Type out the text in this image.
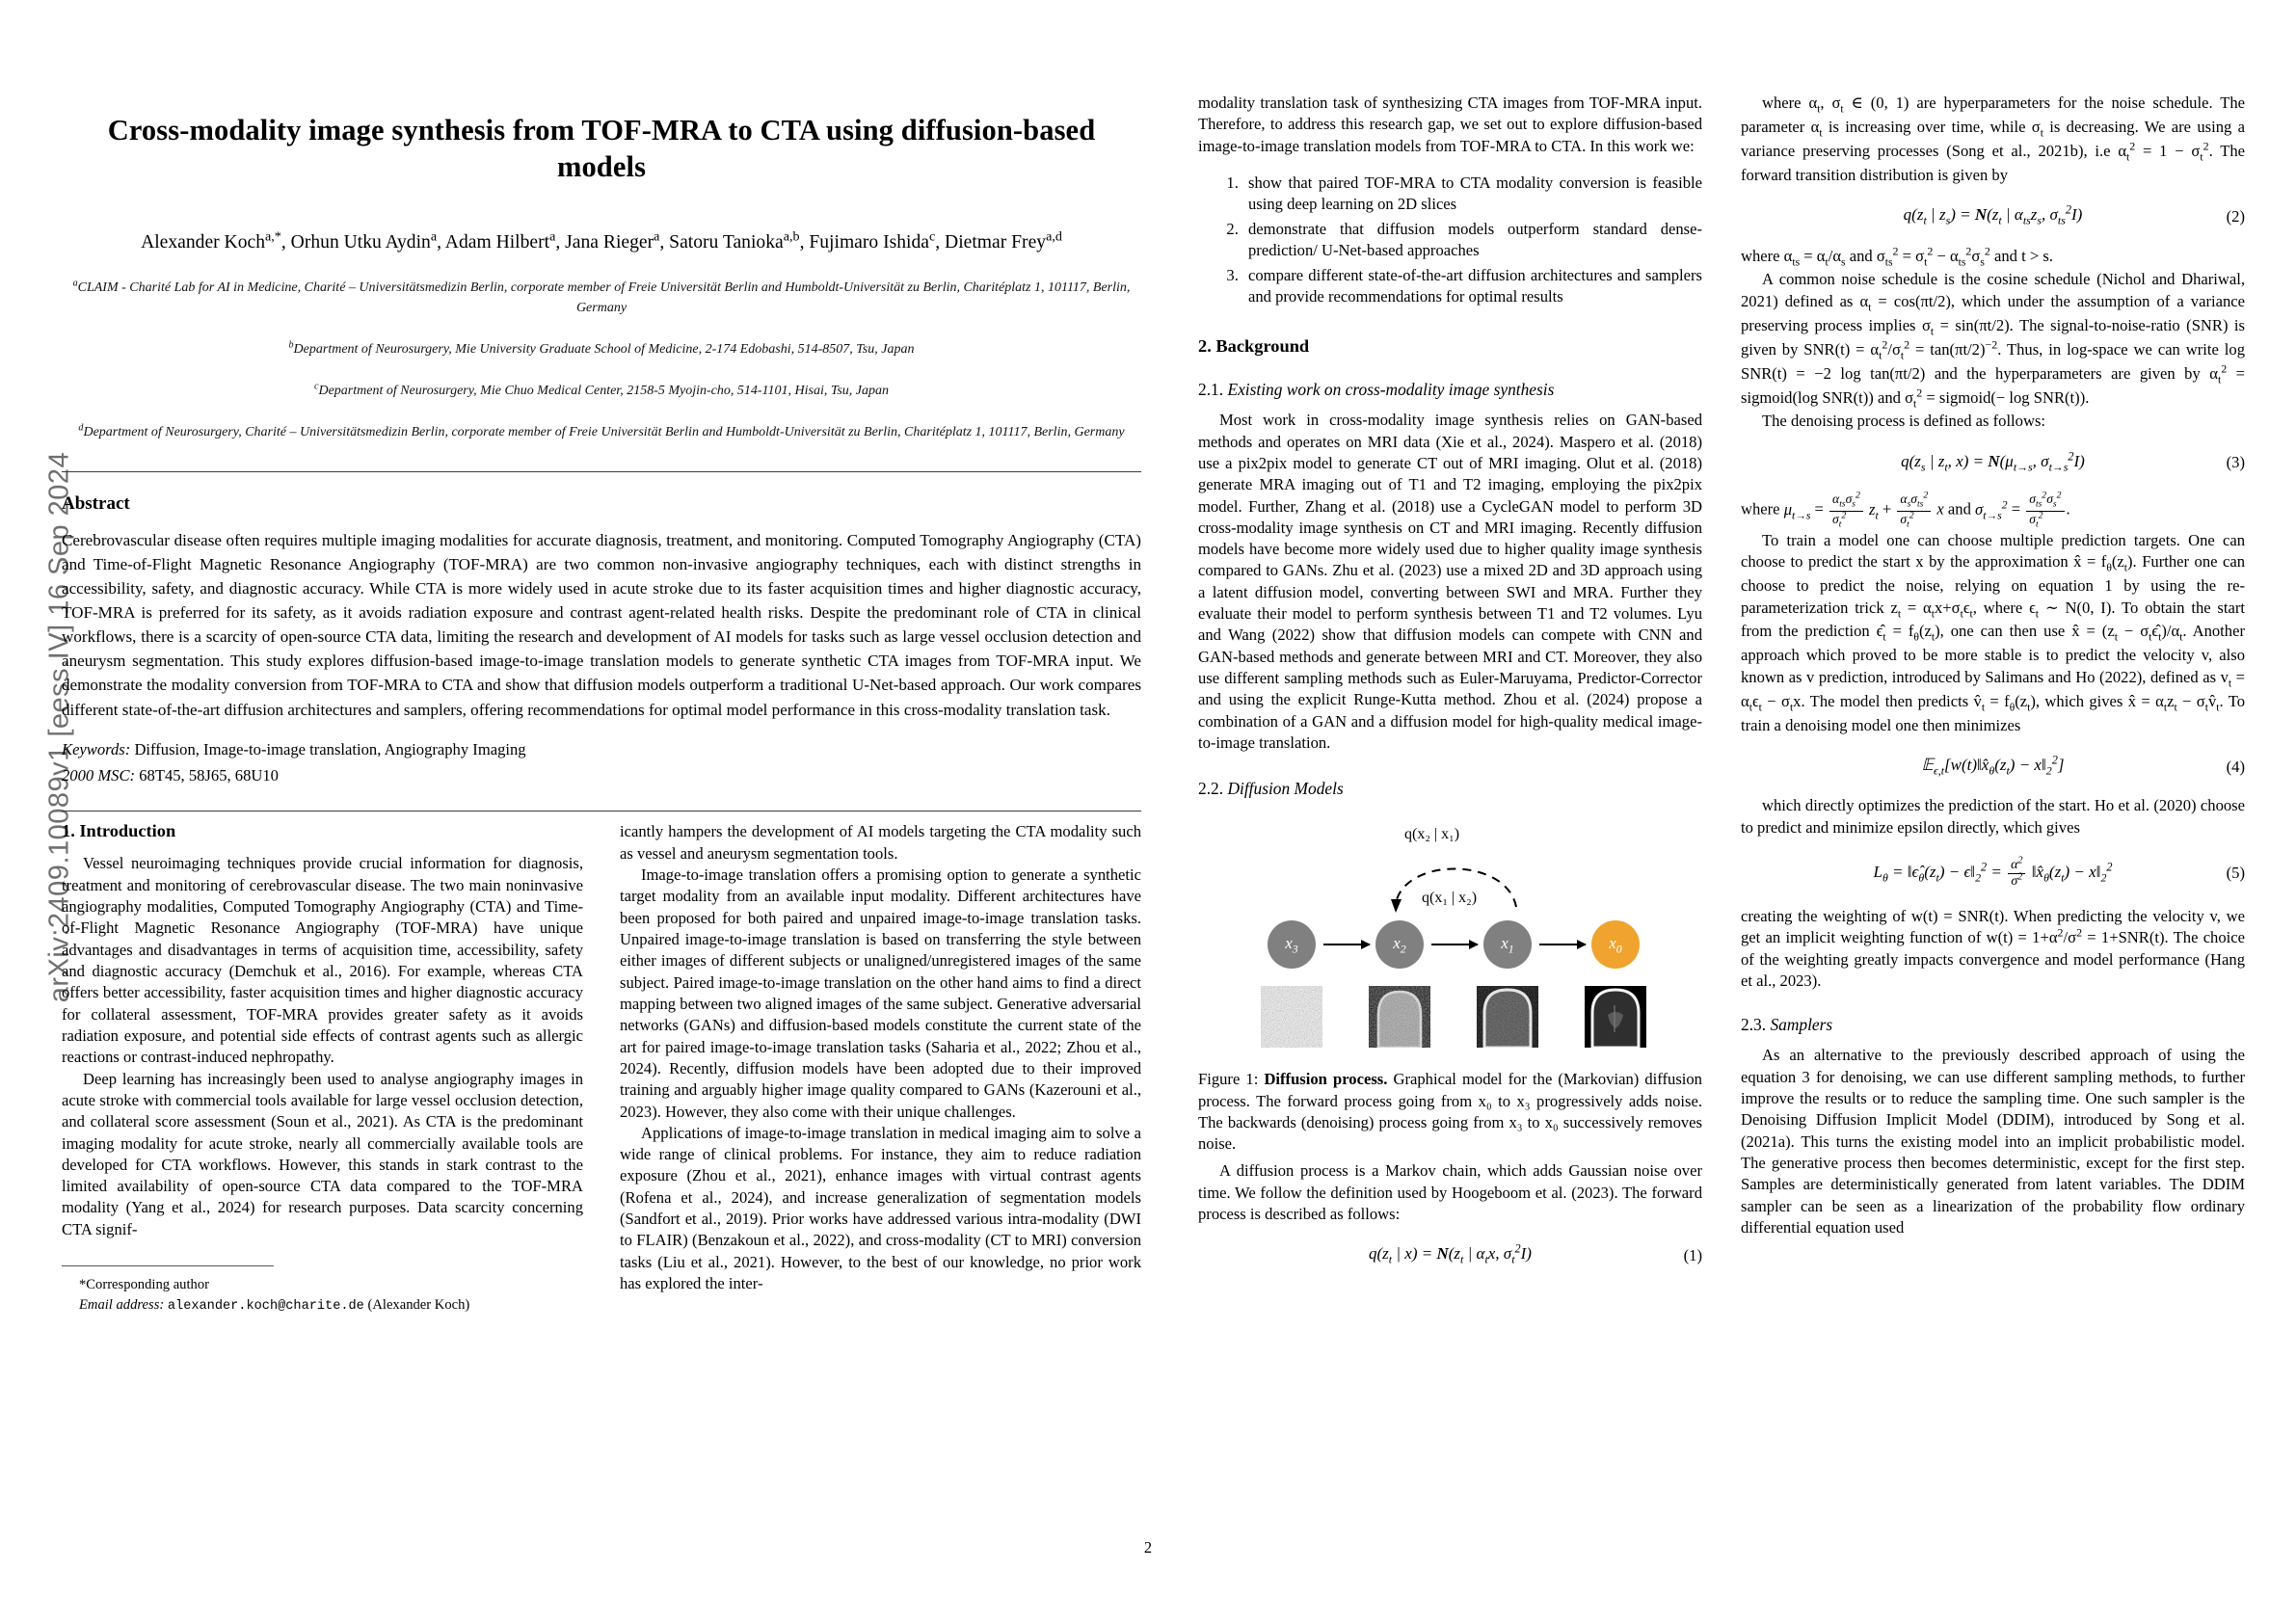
arXiv:2409.10089v1 [eess.IV] 16 Sep 2024
Cross-modality image synthesis from TOF-MRA to CTA using diffusion-based models
Alexander Koch$^{a,*}$, Orhun Utku Aydin$^a$, Adam Hilbert$^a$, Jana Rieger$^a$, Satoru Tanioka$^{a,b}$, Fujimaro Ishida$^c$, Dietmar Frey$^{a,d}$
$^a$CLAIM - Charité Lab for AI in Medicine, Charité – Universitätsmedizin Berlin, corporate member of Freie Universität Berlin and Humboldt-Universität zu Berlin, Charitéplatz 1, 101117, Berlin, Germany
$^b$Department of Neurosurgery, Mie University Graduate School of Medicine, 2-174 Edobashi, 514-8507, Tsu, Japan
$^c$Department of Neurosurgery, Mie Chuo Medical Center, 2158-5 Myojin-cho, 514-1101, Hisai, Tsu, Japan
$^d$Department of Neurosurgery, Charité – Universitätsmedizin Berlin, corporate member of Freie Universität Berlin and Humboldt-Universität zu Berlin, Charitéplatz 1, 101117, Berlin, Germany
Abstract
Cerebrovascular disease often requires multiple imaging modalities for accurate diagnosis, treatment, and monitoring. Computed Tomography Angiography (CTA) and Time-of-Flight Magnetic Resonance Angiography (TOF-MRA) are two common non-invasive angiography techniques, each with distinct strengths in accessibility, safety, and diagnostic accuracy. While CTA is more widely used in acute stroke due to its faster acquisition times and higher diagnostic accuracy, TOF-MRA is preferred for its safety, as it avoids radiation exposure and contrast agent-related health risks. Despite the predominant role of CTA in clinical workflows, there is a scarcity of open-source CTA data, limiting the research and development of AI models for tasks such as large vessel occlusion detection and aneurysm segmentation. This study explores diffusion-based image-to-image translation models to generate synthetic CTA images from TOF-MRA input. We demonstrate the modality conversion from TOF-MRA to CTA and show that diffusion models outperform a traditional U-Net-based approach. Our work compares different state-of-the-art diffusion architectures and samplers, offering recommendations for optimal model performance in this cross-modality translation task.
Keywords: Diffusion, Image-to-image translation, Angiography Imaging
2000 MSC: 68T45, 58J65, 68U10
1. Introduction

Vessel neuroimaging techniques provide crucial information for diagnosis, treatment and monitoring of cerebrovascular disease. The two main noninvasive angiography modalities, Computed Tomography Angiography (CTA) and Time-of-Flight Magnetic Resonance Angiography (TOF-MRA) have unique advantages and disadvantages in terms of acquisition time, accessibility, safety and diagnostic accuracy (Demchuk et al., 2016). For example, whereas CTA offers better accessibility, faster acquisition times and higher diagnostic accuracy for collateral assessment, TOF-MRA provides greater safety as it avoids radiation exposure, and potential side effects of contrast agents such as allergic reactions or contrast-induced nephropathy.

Deep learning has increasingly been used to analyse angiography images in acute stroke with commercial tools available for large vessel occlusion detection, and collateral score assessment (Soun et al., 2021). As CTA is the predominant imaging modality for acute stroke, nearly all commercially available tools are developed for CTA workflows. However, this stands in stark contrast to the limited availability of open-source CTA data compared to the TOF-MRA modality (Yang et al., 2024) for research purposes. Data scarcity concerning CTA signif-

*Corresponding author
Email address: alexander.koch@charite.de (Alexander Koch)

icantly hampers the development of AI models targeting the CTA modality such as vessel and aneurysm segmentation tools.

Image-to-image translation offers a promising option to generate a synthetic target modality from an available input modality. Different architectures have been proposed for both paired and unpaired image-to-image translation tasks. Unpaired image-to-image translation is based on transferring the style between either images of different subjects or unaligned/unregistered images of the same subject. Paired image-to-image translation on the other hand aims to find a direct mapping between two aligned images of the same subject. Generative adversarial networks (GANs) and diffusion-based models constitute the current state of the art for paired image-to-image translation tasks (Saharia et al., 2022; Zhou et al., 2024). Recently, diffusion models have been adopted due to their improved training and arguably higher image quality compared to GANs (Kazerouni et al., 2023). However, they also come with their unique challenges.

Applications of image-to-image translation in medical imaging aim to solve a wide range of clinical problems. For instance, they aim to reduce radiation exposure (Zhou et al., 2021), enhance images with virtual contrast agents (Rofena et al., 2024), and increase generalization of segmentation models (Sandfort et al., 2019). Prior works have addressed various intra-modality (DWI to FLAIR) (Benzakoun et al., 2022), and cross-modality (CT to MRI) conversion tasks (Liu et al., 2021). However, to the best of our knowledge, no prior work has explored the inter-

modality translation task of synthesizing CTA images from TOF-MRA input. Therefore, to address this research gap, we set out to explore diffusion-based image-to-image translation models from TOF-MRA to CTA. In this work we:

1. show that paired TOF-MRA to CTA modality conversion is feasible using deep learning on 2D slices
2. demonstrate that diffusion models outperform standard dense-prediction/ U-Net-based approaches
3. compare different state-of-the-art diffusion architectures and samplers and provide recommendations for optimal results
2. Background
2.1. Existing work on cross-modality image synthesis

Most work in cross-modality image synthesis relies on GAN-based methods and operates on MRI data (Xie et al., 2024). Maspero et al. (2018) use a pix2pix model to generate CT out of MRI imaging. Olut et al. (2018) generate MRA imaging out of T1 and T2 imaging, employing the pix2pix model. Further, Zhang et al. (2018) use a CycleGAN model to perform 3D cross-modality image synthesis on CT and MRI imaging. Recently diffusion models have become more widely used due to higher quality image synthesis compared to GANs. Zhu et al. (2023) use a mixed 2D and 3D approach using a latent diffusion model, converting between SWI and MRA. Further they evaluate their model to perform synthesis between T1 and T2 volumes. Lyu and Wang (2022) show that diffusion models can compete with CNN and GAN-based methods and generate between MRI and CT. Moreover, they also use different sampling methods such as Euler-Maruyama, Predictor-Corrector and using the explicit Runge-Kutta method. Zhou et al. (2024) propose a combination of a GAN and a diffusion model for high-quality medical image-to-image translation.

2.2. Diffusion Models
q(x₂ | x₁)
q(x₁ | x₂)
$x_3$	$x_2$	$x_1$	$x_0$
Figure 1: Diffusion process. Graphical model for the (Markovian) diffusion process. The forward process going from x₀ to x₃ progressively adds noise. The backwards (denoising) process going from x₃ to x₀ successively removes noise.

A diffusion process is a Markov chain, which adds Gaussian noise over time. We follow the definition used by Hoogeboom et al. (2023). The forward process is described as follows:

$q(z_t$ | $x) = N(z_t$ | $\alpha_tx$, $\sigma_t^2I$)	(1)

where $\alpha_t$, $\sigma_t$ ∈ (0, 1) are hyperparameters for the noise schedule. The parameter $\alpha_t$ is increasing over time, while $\sigma_t$ is decreasing. We are using a variance preserving processes (Song et al., 2021b), i.e $\alpha_t^2 = 1 - \sigma_t^2$. The forward transition distribution is given by

$q(z_t$ | $z_s) = N(z_t$ | $\alpha_{ts}z_s$, $\sigma_{ts}^2I$)	(2)

where $\alpha_{ts} = \alpha_t/\alpha_s$ and $\sigma_{ts}^2 = \sigma_t^2 - \alpha_{ts}^2\sigma_s^2$ and t > s.

A common noise schedule is the cosine schedule (Nichol and Dhariwal, 2021) defined as $\alpha_t = \cos(\pi t/2)$, which under the assumption of a variance preserving process implies $\sigma_t = \sin(\pi t/2)$. The signal-to-noise-ratio (SNR) is given by $SNR(t) = \alpha_t^2/\sigma_t^2 = \tan(\pi t/2)^{-2}$. Thus, in log-space we can write log SNR(t) = −2 log tan(πt/2) and the hyperparameters are given by $\alpha_t^2$ = sigmoid(log SNR(t)) and $\sigma_t^2$ = sigmoid(− log SNR(t)).

The denoising process is defined as follows:

$q(z_s$ | $z_t$, $x) = N(\mu_{t\to s}$, $\sigma_{t\to s}^2I$)	(3)

where $\mu_{t\to s} = \frac{\alpha_{ts}\sigma_s^2}{\sigma_t^2} z_t + \frac{\alpha_s\sigma_{ts}^2}{\sigma_t^2}$ x and $\sigma_{t\to s}^2 = \frac{\sigma_{ts}^2\sigma_s^2}{\sigma_t^2}$ .

To train a model one can choose multiple prediction targets. One can choose to predict the start x by the approximation x̂ = $f_\theta(z_t)$. Further one can choose to predict the noise, relying on equation 1 by using the re-parameterization trick $z_t = \alpha_tx+\sigma_t\epsilon_t$, where $\epsilon_t$ ∼ N(0, I). To obtain the start from the prediction $\epsilon̂_t = f_\theta(z_t)$, one can then use x̂ = ($z_t$ − $\sigma_t\epsilon̂_t)/\alpha_t$. Another approach which proved to be more stable is to predict the velocity v, also known as v prediction, introduced by Salimans and Ho (2022), defined as $v_t = \alpha_t\epsilon_t - \sigma_tx$. The model then predicts $v̂_t = f_\theta(z_t)$, which gives x̂ = $\alpha_tz_t$ − $\sigma_tv̂_t$. To train a denoising model one then minimizes

$𝔼_{\epsilon,t}[w(t)‖x̂_\theta(z_t)$ − $x‖_2^2$]	(4)

which directly optimizes the prediction of the start. Ho et al. (2020) choose to predict and minimize epsilon directly, which gives

$L_\theta$ = $‖\epsilon̂_\theta(z_t)$ − $\epsilon‖_2^2 = \frac{\alpha^2}{\sigma^2}$ $‖x̂_\theta(z_t)$ − $x‖_2^2$	(5)

creating the weighting of w(t) = SNR(t). When predicting the velocity v, we get an implicit weighting function of $w(t) = 1+\alpha^2/\sigma^2 = 1+SNR(t)$. The choice of the weighting greatly impacts convergence and model performance (Hang et al., 2023).

2.3. Samplers

As an alternative to the previously described approach of using the equation 3 for denoising, we can use different sampling methods, to further improve the results or to reduce the sampling time. One such sampler is the Denoising Diffusion Implicit Model (DDIM), introduced by Song et al. (2021a). This turns the existing model into an implicit probabilistic model. The generative process then becomes deterministic, except for the first step. Samples are deterministically generated from latent variables. The DDIM sampler can be seen as a linearization of the probability flow ordinary differential equation used

2
